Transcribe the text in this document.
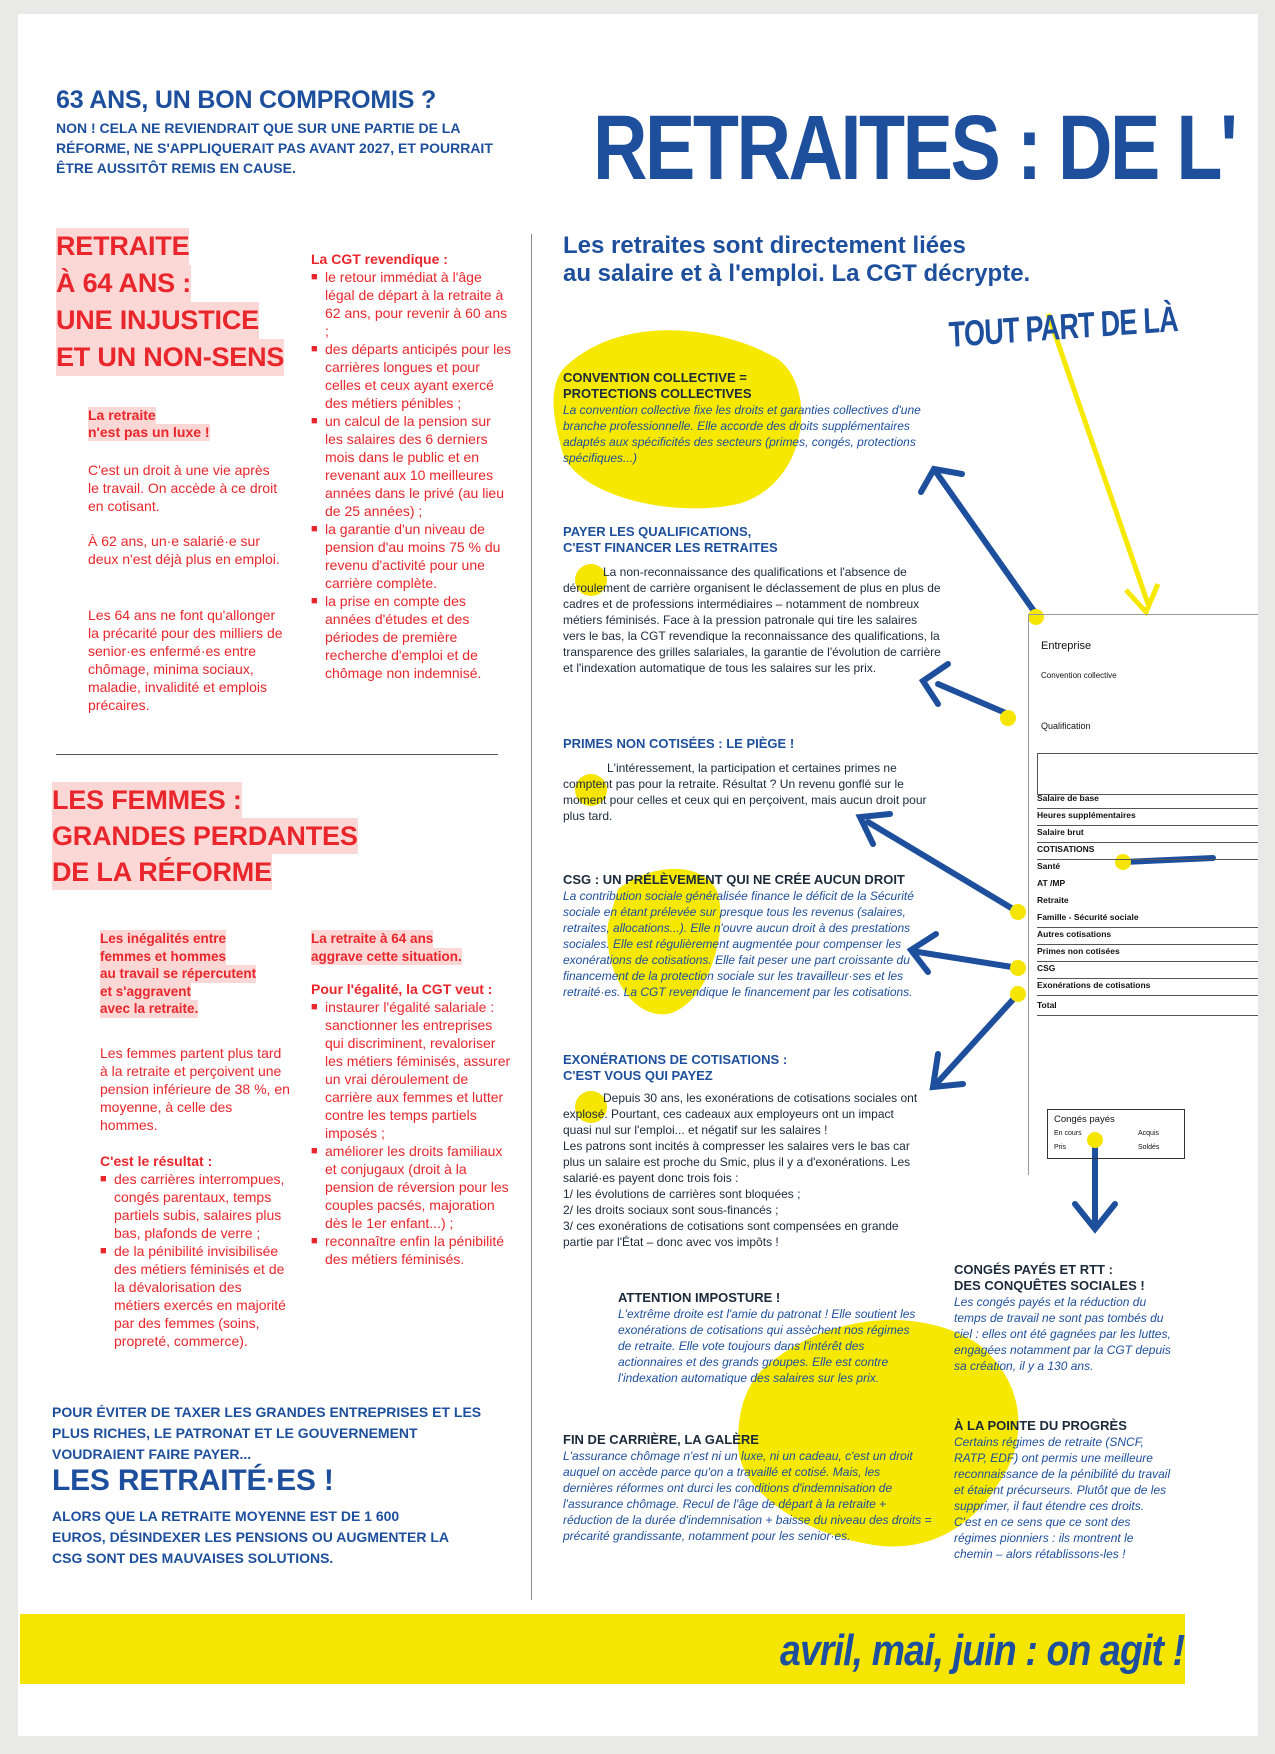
63 ANS, UN BON COMPROMIS ?
NON ! CELA NE REVIENDRAIT QUE SUR UNE PARTIE DE LA RÉFORME, NE S'APPLIQUERAIT PAS AVANT 2027, ET POURRAIT ÊTRE AUSSITÔT REMIS EN CAUSE.	RETRAITES : DE L'
RETRAITE
À 64 ANS :
UNE INJUSTICE
ET UN NON-SENS
La retraite
n'est pas un luxe !
C'est un droit à une vie après le travail. On accède à ce droit en cotisant.
À 62 ans, un·e salarié·e sur deux n'est déjà plus en emploi.
Les 64 ans ne font qu'allonger la précarité pour des milliers de senior·es enfermé·es entre chômage, minima sociaux, maladie, invalidité et emplois précaires.
La CGT revendique :
■ le retour immédiat à l'âge légal de départ à la retraite à 62 ans, pour revenir à 60 ans ;
■ des départs anticipés pour les carrières longues et pour celles et ceux ayant exercé des métiers pénibles ;
■ un calcul de la pension sur les salaires des 6 derniers mois dans le public et en revenant aux 10 meilleures années dans le privé (au lieu de 25 années) ;
■ la garantie d'un niveau de pension d'au moins 75 % du revenu d'activité pour une carrière complète.
■ la prise en compte des années d'études et des périodes de première recherche d'emploi et de chômage non indemnisé.
LES FEMMES :
GRANDES PERDANTES
DE LA RÉFORME
Les inégalités entre
femmes et hommes
au travail se répercutent
et s'aggravent
avec la retraite.
Les femmes partent plus tard à la retraite et perçoivent une pension inférieure de 38 %, en moyenne, à celle des hommes.
C'est le résultat :
■ des carrières interrompues, congés parentaux, temps partiels subis, salaires plus bas, plafonds de verre ;
■ de la pénibilité invisibilisée des métiers féminisés et de la dévalorisation des métiers exercés en majorité par des femmes (soins, propreté, commerce).
La retraite à 64 ans
aggrave cette situation.
Pour l'égalité, la CGT veut :
■ instaurer l'égalité salariale : sanctionner les entreprises qui discriminent, revaloriser les métiers féminisés, assurer un vrai déroulement de carrière aux femmes et lutter contre les temps partiels imposés ;
■ améliorer les droits familiaux et conjugaux (droit à la pension de réversion pour les couples pacsés, majoration dès le 1er enfant...) ;
■ reconnaître enfin la pénibilité des métiers féminisés.
POUR ÉVITER DE TAXER LES GRANDES ENTREPRISES ET LES PLUS RICHES, LE PATRONAT ET LE GOUVERNEMENT VOUDRAIENT FAIRE PAYER...
LES RETRAITÉ·ES !
ALORS QUE LA RETRAITE MOYENNE EST DE 1 600 EUROS, DÉSINDEXER LES PENSIONS OU AUGMENTER LA CSG SONT DES MAUVAISES SOLUTIONS.
Les retraites sont directement liées
au salaire et à l'emploi. La CGT décrypte.
TOUT PART DE LÀ
CONVENTION COLLECTIVE =
PROTECTIONS COLLECTIVES
La convention collective fixe les droits et garanties collectives d'une branche professionnelle. Elle accorde des droits supplémentaires adaptés aux spécificités des secteurs (primes, congés, protections spécifiques...)
PAYER LES QUALIFICATIONS,
C'EST FINANCER LES RETRAITES
La non-reconnaissance des qualifications et l'absence de déroulement de carrière organisent le déclassement de plus en plus de cadres et de professions intermédiaires – notamment de nombreux métiers féminisés. Face à la pression patronale qui tire les salaires vers le bas, la CGT revendique la reconnaissance des qualifications, la transparence des grilles salariales, la garantie de l'évolution de carrière et l'indexation automatique de tous les salaires sur les prix.
PRIMES NON COTISÉES : LE PIÈGE !
L'intéressement, la participation et certaines primes ne comptent pas pour la retraite. Résultat ? Un revenu gonflé sur le moment pour celles et ceux qui en perçoivent, mais aucun droit pour plus tard.
CSG : UN PRÉLÈVEMENT QUI NE CRÉE AUCUN DROIT
La contribution sociale généralisée finance le déficit de la Sécurité sociale en étant prélevée sur presque tous les revenus (salaires, retraites, allocations...). Elle n'ouvre aucun droit à des prestations sociales. Elle est régulièrement augmentée pour compenser les exonérations de cotisations. Elle fait peser une part croissante du financement de la protection sociale sur les travailleur·ses et les retraité·es. La CGT revendique le financement par les cotisations.
EXONÉRATIONS DE COTISATIONS :
C'EST VOUS QUI PAYEZ
Depuis 30 ans, les exonérations de cotisations sociales ont explosé. Pourtant, ces cadeaux aux employeurs ont un impact quasi nul sur l'emploi... et négatif sur les salaires !
Les patrons sont incités à compresser les salaires vers le bas car plus un salaire est proche du Smic, plus il y a d'exonérations. Les salarié·es payent donc trois fois :
1/ les évolutions de carrières sont bloquées ;
2/ les droits sociaux sont sous-financés ;
3/ ces exonérations de cotisations sont compensées en grande partie par l'État – donc avec vos impôts !
ATTENTION IMPOSTURE !
L'extrême droite est l'amie du patronat ! Elle soutient les exonérations de cotisations qui assèchent nos régimes de retraite. Elle vote toujours dans l'intérêt des actionnaires et des grands groupes. Elle est contre l'indexation automatique des salaires sur les prix.
FIN DE CARRIÈRE, LA GALÈRE
L'assurance chômage n'est ni un luxe, ni un cadeau, c'est un droit auquel on accède parce qu'on a travaillé et cotisé. Mais, les dernières réformes ont durci les conditions d'indemnisation de l'assurance chômage. Recul de l'âge de départ à la retraite + réduction de la durée d'indemnisation + baisse du niveau des droits = précarité grandissante, notamment pour les senior·es.
CONGÉS PAYÉS ET RTT :
DES CONQUÊTES SOCIALES !
Les congés payés et la réduction du temps de travail ne sont pas tombés du ciel : elles ont été gagnées par les luttes, engagées notamment par la CGT depuis sa création, il y a 130 ans.
À LA POINTE DU PROGRÈS
Certains régimes de retraite (SNCF, RATP, EDF) ont permis une meilleure reconnaissance de la pénibilité du travail et étaient précurseurs. Plutôt que de les supprimer, il faut étendre ces droits. C'est en ce sens que ce sont des régimes pionniers : ils montrent le chemin – alors rétablissons-les !
Entreprise
Convention collective
Qualification
Salaire de base
Heures supplémentaires
Salaire brut
COTISATIONS
Santé
AT /MP
Retraite
Famille - Sécurité sociale
Autres cotisations
Primes non cotisées
CSG
Exonérations de cotisations
Total
Congés payés
En cours	Acquis
Pris	Soldés
avril, mai, juin : on agit !
